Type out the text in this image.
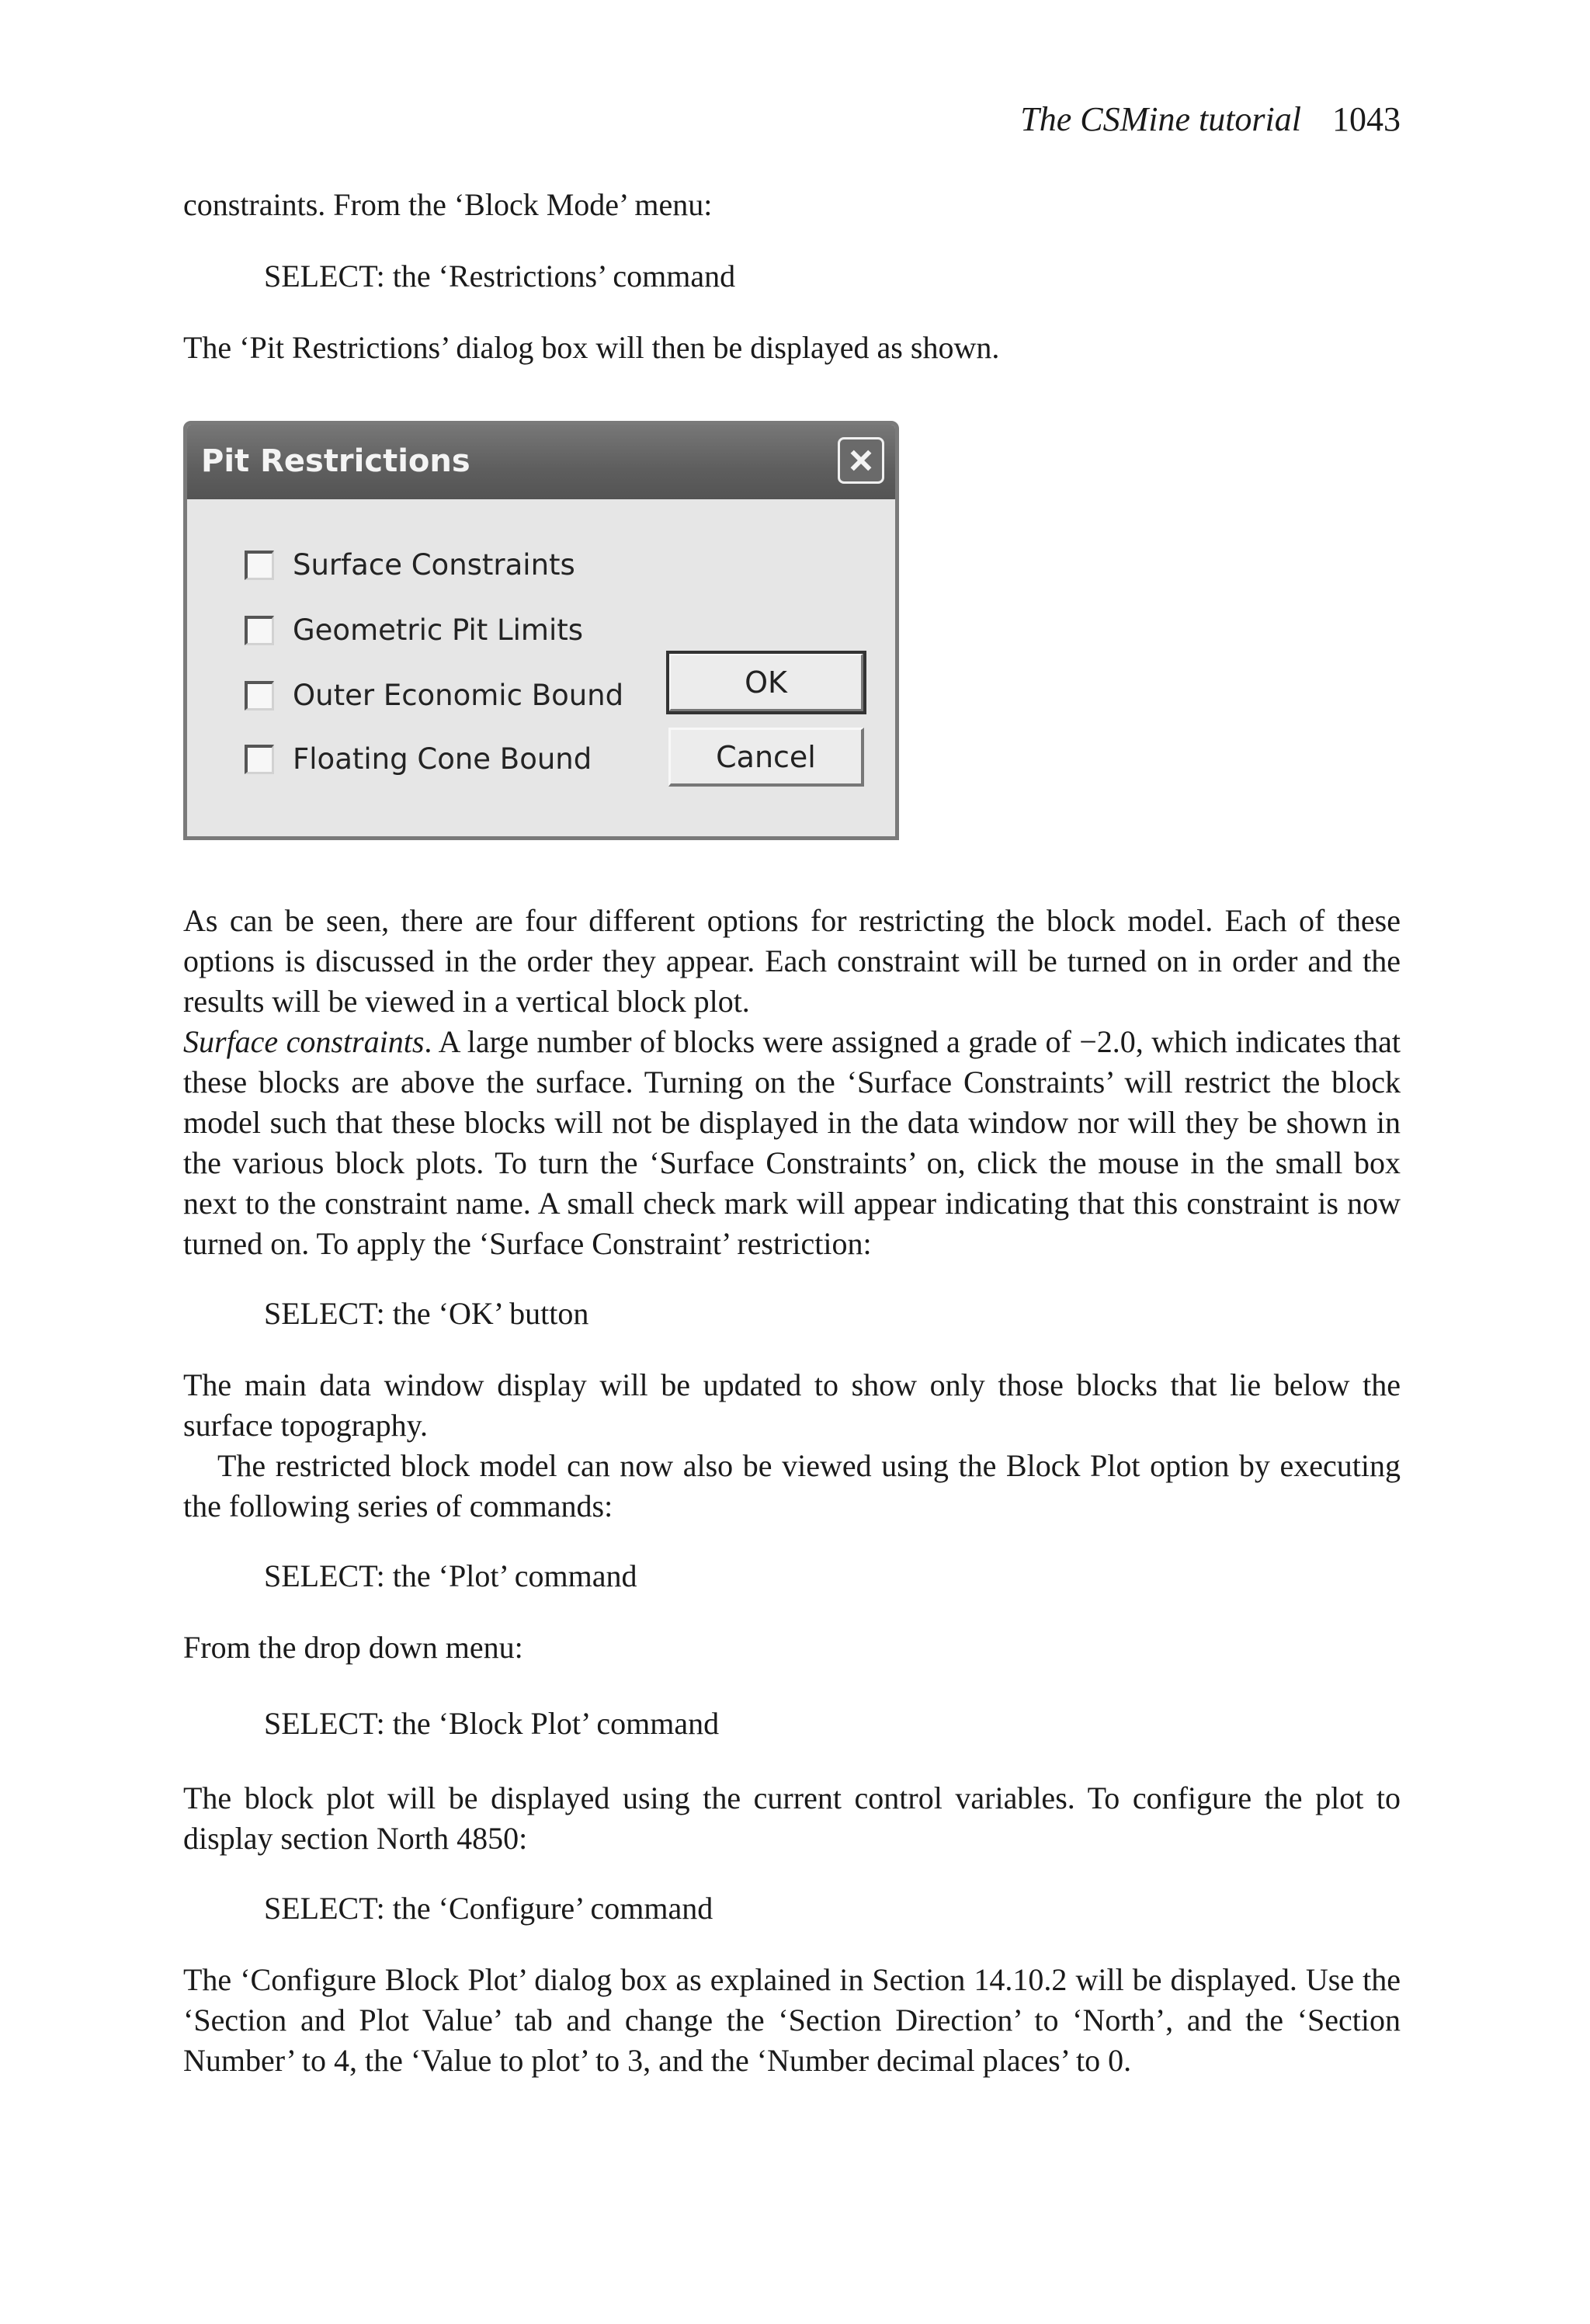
The CSMine tutorial 1043

constraints. From the ‘Block Mode’ menu:

SELECT: the ‘Restrictions’ command

The ‘Pit Restrictions’ dialog box will then be displayed as shown.

As can be seen, there are four different options for restricting the block model. Each of these options is discussed in the order they appear. Each constraint will be turned on in order and the results will be viewed in a vertical block plot.

Surface constraints. A large number of blocks were assigned a grade of −2.0, which indicates that these blocks are above the surface. Turning on the ‘Surface Constraints’ will restrict the block model such that these blocks will not be displayed in the data window nor will they be shown in the various block plots. To turn the ‘Surface Constraints’ on, click the mouse in the small box next to the constraint name. A small check mark will appear indicating that this constraint is now turned on. To apply the ‘Surface Constraint’ restriction:

SELECT: the ‘OK’ button

The main data window display will be updated to show only those blocks that lie below the surface topography.

The restricted block model can now also be viewed using the Block Plot option by executing the following series of commands:

SELECT: the ‘Plot’ command

From the drop down menu:

SELECT: the ‘Block Plot’ command

The block plot will be displayed using the current control variables. To configure the plot to display section North 4850:

SELECT: the ‘Configure’ command

The ‘Configure Block Plot’ dialog box as explained in Section 14.10.2 will be displayed. Use the ‘Section and Plot Value’ tab and change the ‘Section Direction’ to ‘North’, and the ‘Section Number’ to 4, the ‘Value to plot’ to 3, and the ‘Number decimal places’ to 0.

Pit Restrictions
Surface Constraints
Geometric Pit Limits
Outer Economic Bound
Floating Cone Bound
OK
Cancel
